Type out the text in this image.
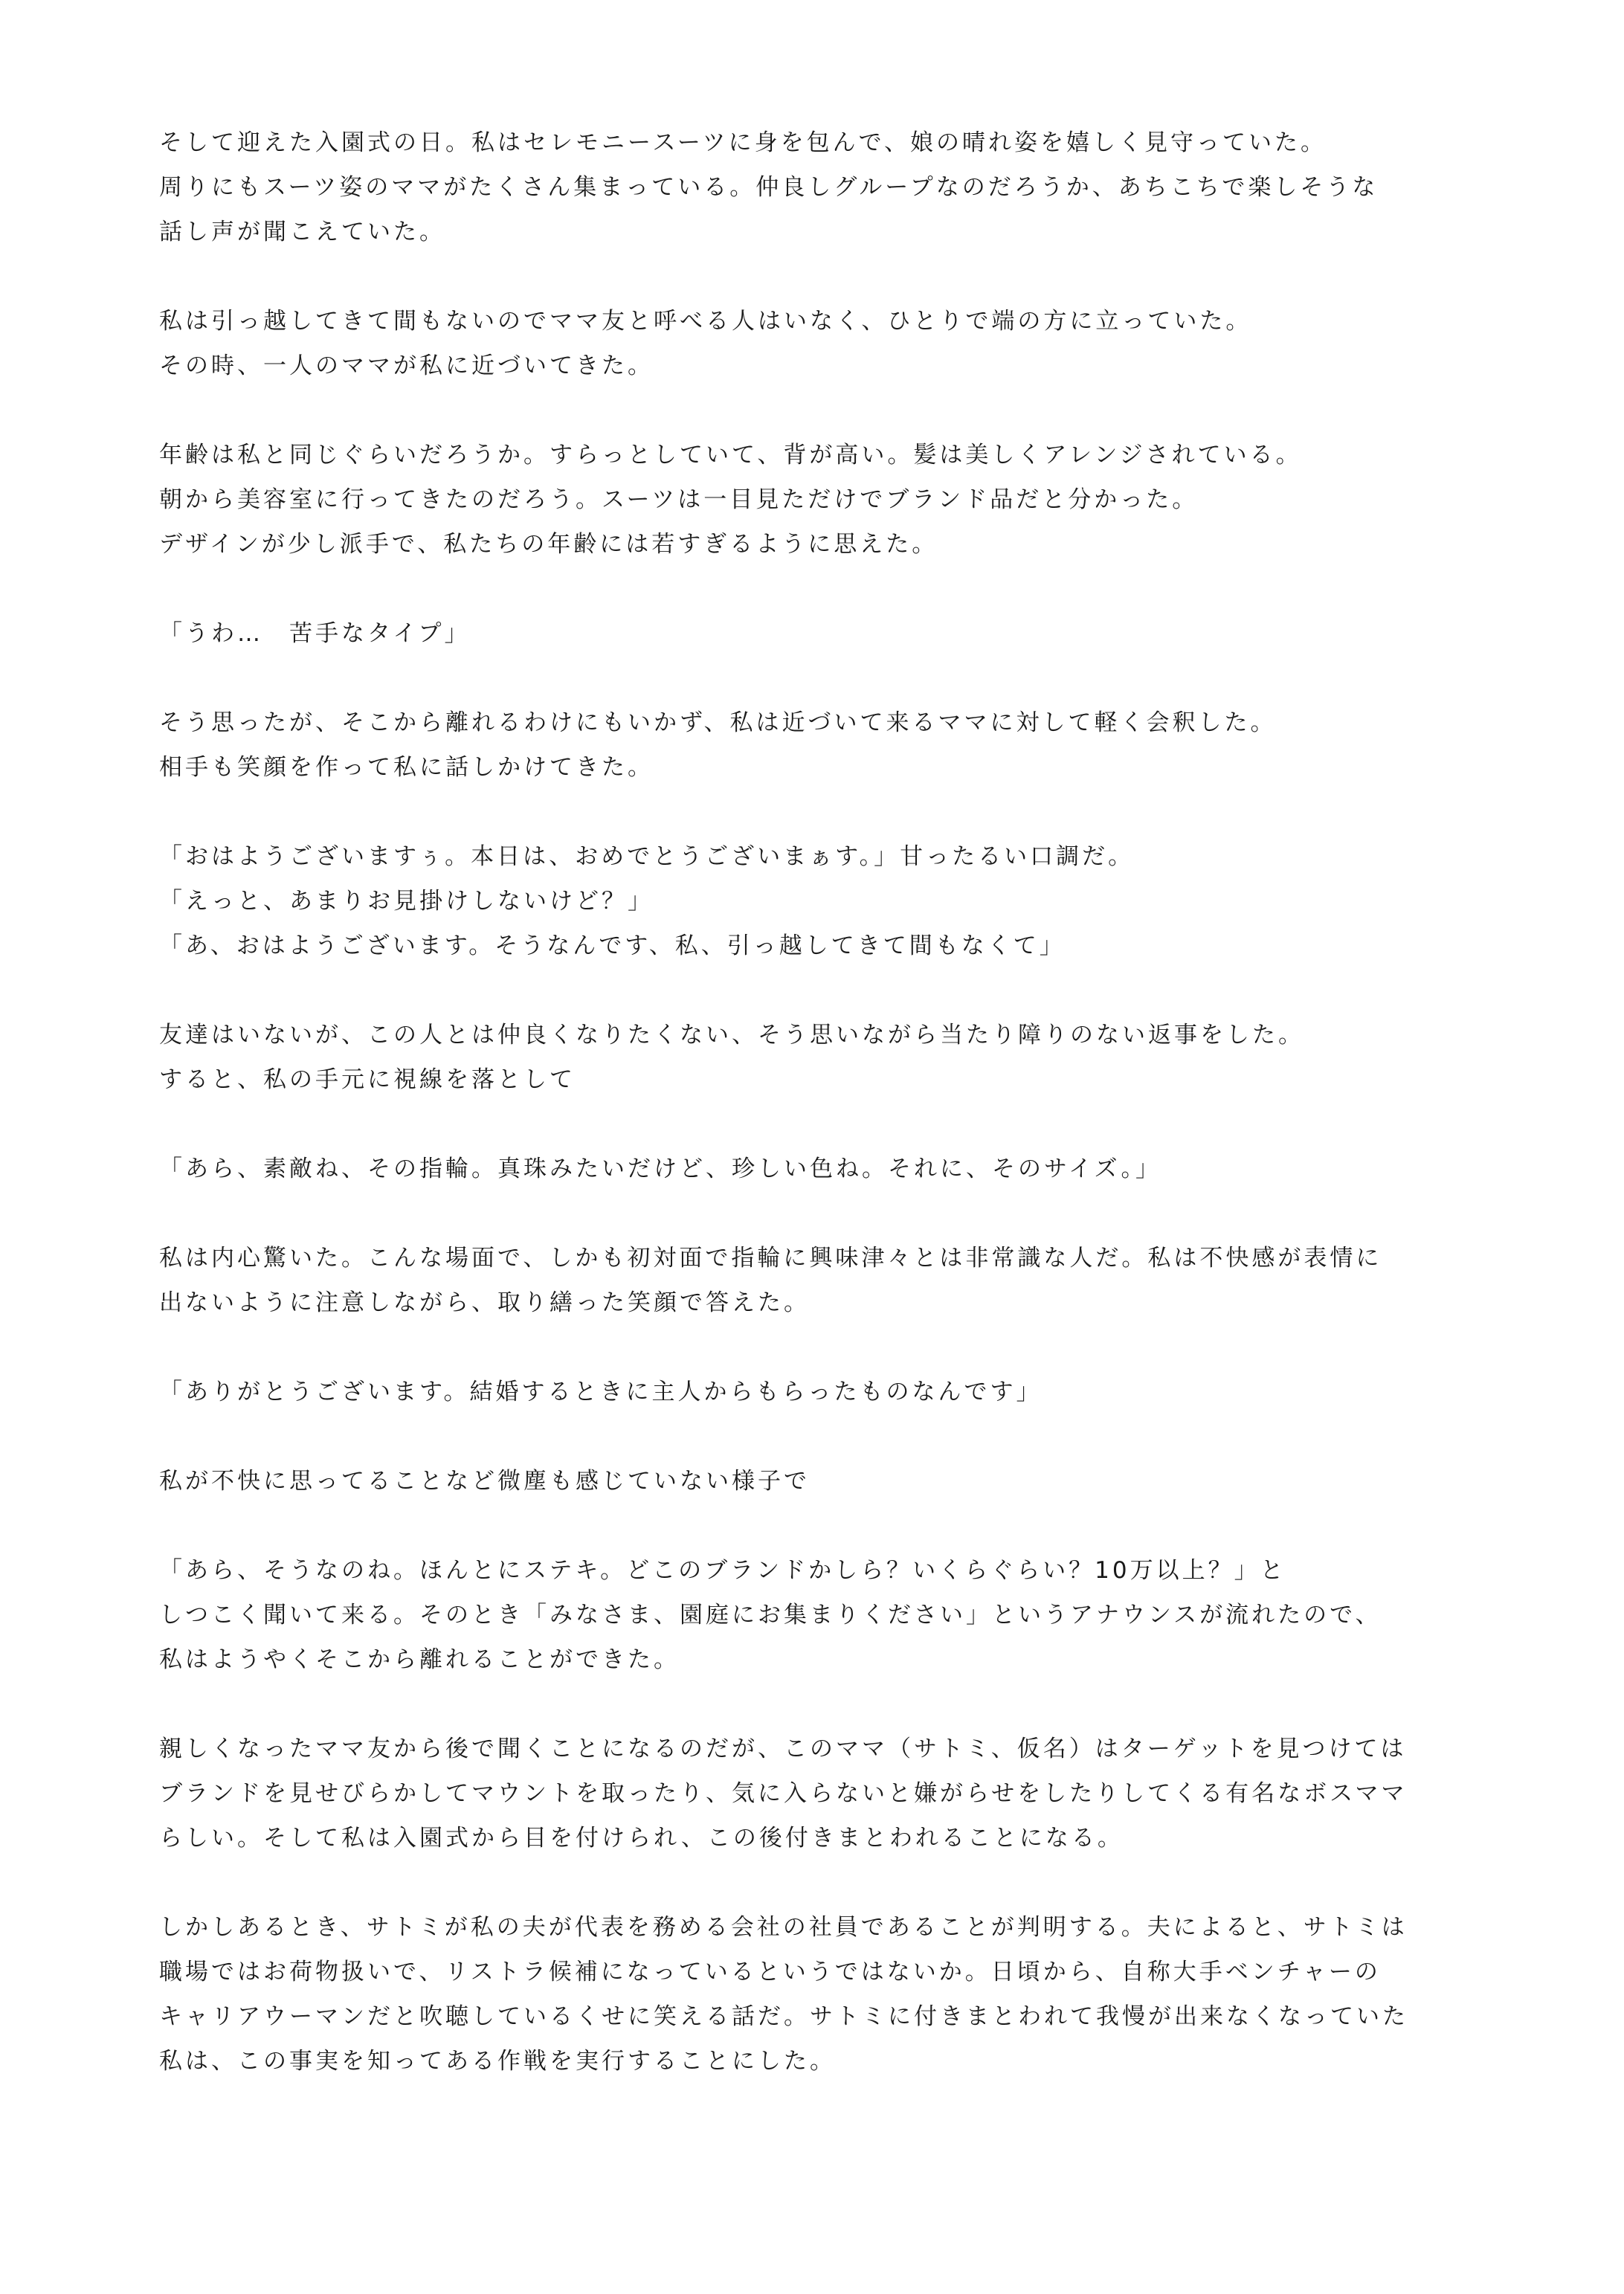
そして迎えた入園式の日。私はセレモニースーツに身を包んで、娘の晴れ姿を嬉しく見守っていた。
周りにもスーツ姿のママがたくさん集まっている。仲良しグループなのだろうか、あちこちで楽しそうな
話し声が聞こえていた。
私は引っ越してきて間もないのでママ友と呼べる人はいなく、ひとりで端の方に立っていた。
その時、一人のママが私に近づいてきた。
年齢は私と同じぐらいだろうか。すらっとしていて、背が高い。髪は美しくアレンジされている。
朝から美容室に行ってきたのだろう。スーツは一目見ただけでブランド品だと分かった。
デザインが少し派手で、私たちの年齢には若すぎるように思えた。
「うわ…　苦手なタイプ」
そう思ったが、そこから離れるわけにもいかず、私は近づいて来るママに対して軽く会釈した。
相手も笑顔を作って私に話しかけてきた。
「おはようございますぅ。本日は、おめでとうございまぁす。」甘ったるい口調だ。
「えっと、あまりお見掛けしないけど？」
「あ、おはようございます。そうなんです、私、引っ越してきて間もなくて」
友達はいないが、この人とは仲良くなりたくない、そう思いながら当たり障りのない返事をした。
すると、私の手元に視線を落として
「あら、素敵ね、その指輪。真珠みたいだけど、珍しい色ね。それに、そのサイズ。」
私は内心驚いた。こんな場面で、しかも初対面で指輪に興味津々とは非常識な人だ。私は不快感が表情に
出ないように注意しながら、取り繕った笑顔で答えた。
「ありがとうございます。結婚するときに主人からもらったものなんです」
私が不快に思ってることなど微塵も感じていない様子で
「あら、そうなのね。ほんとにステキ。どこのブランドかしら？いくらぐらい？10万以上？」と
しつこく聞いて来る。そのとき「みなさま、園庭にお集まりください」というアナウンスが流れたので、
私はようやくそこから離れることができた。
親しくなったママ友から後で聞くことになるのだが、このママ（サトミ、仮名）はターゲットを見つけては
ブランドを見せびらかしてマウントを取ったり、気に入らないと嫌がらせをしたりしてくる有名なボスママ
らしい。そして私は入園式から目を付けられ、この後付きまとわれることになる。
しかしあるとき、サトミが私の夫が代表を務める会社の社員であることが判明する。夫によると、サトミは
職場ではお荷物扱いで、リストラ候補になっているというではないか。日頃から、自称大手ベンチャーの
キャリアウーマンだと吹聴しているくせに笑える話だ。サトミに付きまとわれて我慢が出来なくなっていた
私は、この事実を知ってある作戦を実行することにした。
